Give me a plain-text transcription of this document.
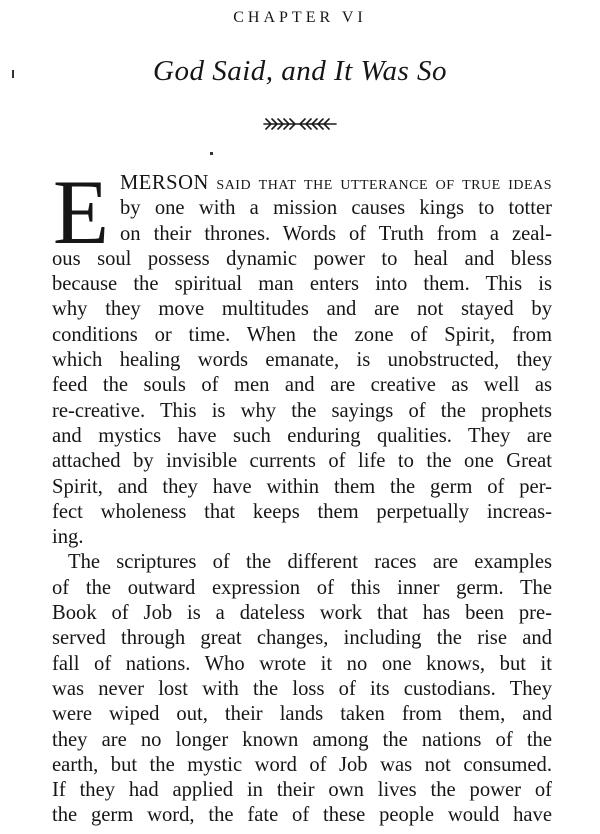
CHAPTER VI
God Said, and It Was So
E MERSON said that the utterance of true ideas
by one with a mission causes kings to totter
on their thrones. Words of Truth from a zeal-
ous soul possess dynamic power to heal and bless
because the spiritual man enters into them. This is
why they move multitudes and are not stayed by
conditions or time. When the zone of Spirit, from
which healing words emanate, is unobstructed, they
feed the souls of men and are creative as well as
re-creative. This is why the sayings of the prophets
and mystics have such enduring qualities. They are
attached by invisible currents of life to the one Great
Spirit, and they have within them the germ of per-
fect wholeness that keeps them perpetually increas-
ing.
The scriptures of the different races are examples
of the outward expression of this inner germ. The
Book of Job is a dateless work that has been pre-
served through great changes, including the rise and
fall of nations. Who wrote it no one knows, but it
was never lost with the loss of its custodians. They
were wiped out, their lands taken from them, and
they are no longer known among the nations of the
earth, but the mystic word of Job was not consumed.
If they had applied in their own lives the power of
the germ word, the fate of these people would have
